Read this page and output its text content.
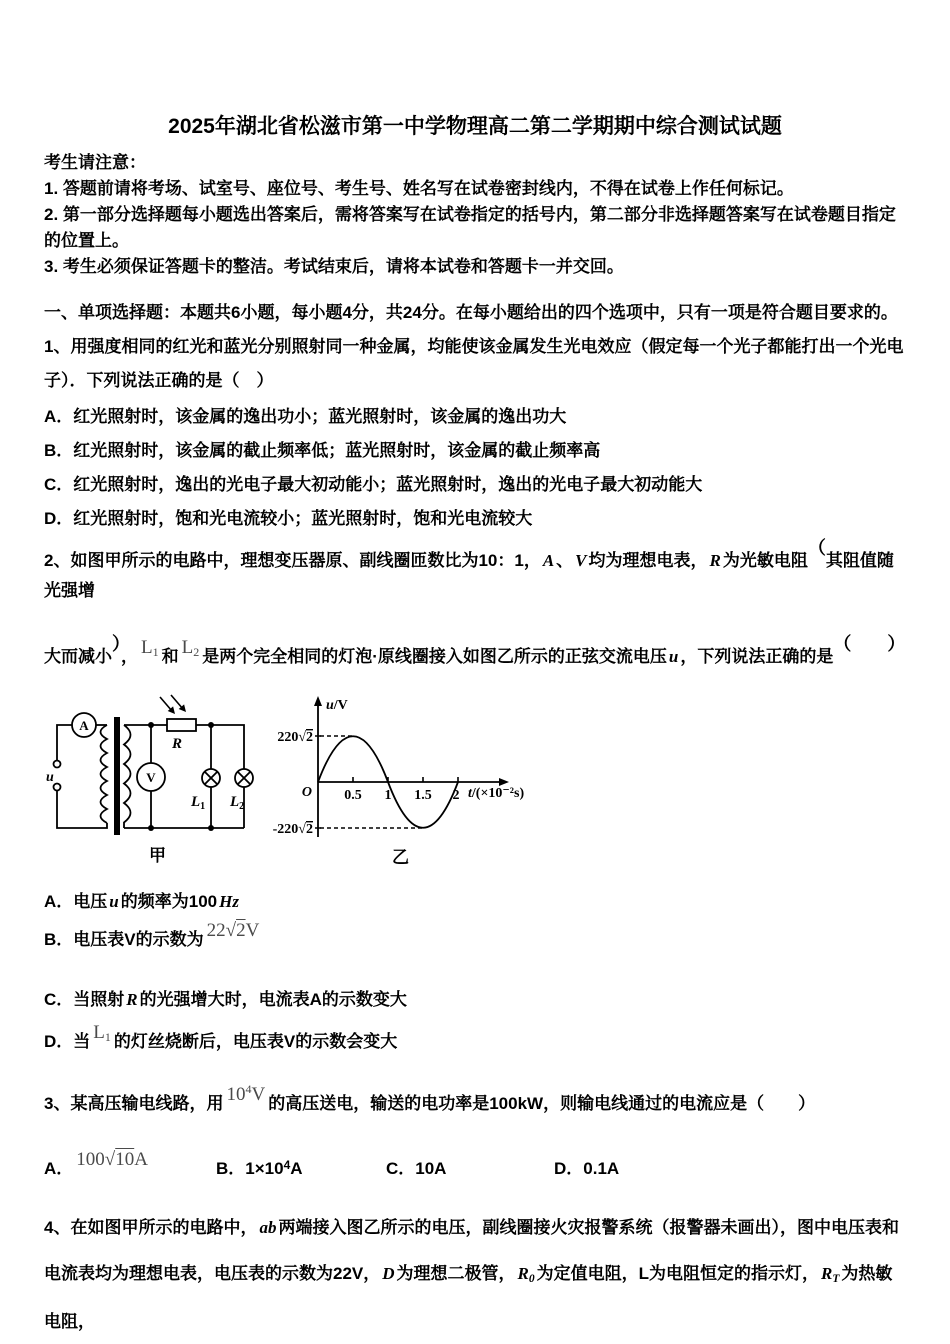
2025年湖北省松滋市第一中学物理高二第二学期期中综合测试试题

考生请注意：

1. 答题前请将考场、试室号、座位号、考生号、姓名写在试卷密封线内，不得在试卷上作任何标记。

2. 第一部分选择题每小题选出答案后，需将答案写在试卷指定的括号内，第二部分非选择题答案写在试卷题目指定的位置上。

3. 考生必须保证答题卡的整洁。考试结束后，请将本试卷和答题卡一并交回。

一、单项选择题：本题共6小题，每小题4分，共24分。在每小题给出的四个选项中，只有一项是符合题目要求的。

1、用强度相同的红光和蓝光分别照射同一种金属，均能使该金属发生光电效应（假定每一个光子都能打出一个光电子）．下列说法正确的是（　）

A．红光照射时，该金属的逸出功小；蓝光照射时，该金属的逸出功大

B．红光照射时，该金属的截止频率低；蓝光照射时，该金属的截止频率高

C．红光照射时，逸出的光电子最大初动能小；蓝光照射时，逸出的光电子最大初动能大

D．红光照射时，饱和光电流较小；蓝光照射时，饱和光电流较大

2、如图甲所示的电路中，理想变压器原、副线圈匝数比为10：1， A 、 V 均为理想电表， R 为光敏电阻（其阻值随光强增

大而减小）， L1 和 L2 是两个完全相同的灯泡·原线圈接入如图乙所示的正弦交流电压 u ，下列说法正确的是（　　）

A
u	V
R
$L_1$ $L_2$
甲
u/V
220√2
-220√2
O 0.5 1 1.5 2 t/(×10⁻²s)
乙

A．电压 u 的频率为100 Hz

B．电压表V的示数为 22√2V

C．当照射 R 的光强增大时，电流表A的示数变大

D．当 L1 的灯丝烧断后，电压表V的示数会变大

3、某高压输电线路，用 $10^4V$ 的高压送电，输送的电功率是100kW，则输电线通过的电流应是（　　）

A． 100√10A	B．$1\times 10^4A$	C．10A	D．0.1A

4、在如图甲所示的电路中， ab 两端接入图乙所示的电压，副线圈接火灾报警系统（报警器未画出），图中电压表和电流表均为理想电表，电压表的示数为22V， D 为理想二极管， R0 为定值电阻，L为电阻恒定的指示灯， RT 为热敏电阻，
